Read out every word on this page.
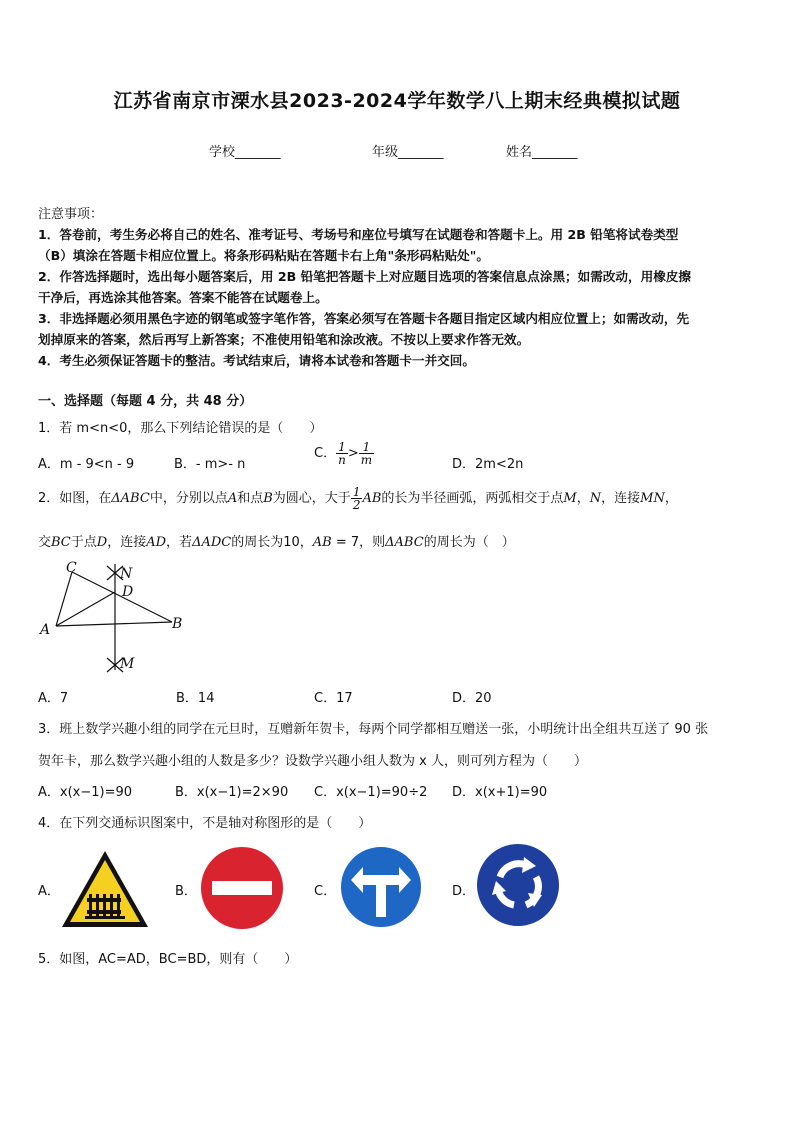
江苏省南京市溧水县2023-2024学年数学八上期末经典模拟试题
学校_______	年级_______	姓名_______
注意事项：
1．答卷前，考生务必将自己的姓名、准考证号、考场号和座位号填写在试题卷和答题卡上。用 2B 铅笔将试卷类型
（B）填涂在答题卡相应位置上。将条形码粘贴在答题卡右上角"条形码粘贴处"。
2．作答选择题时，选出每小题答案后，用 2B 铅笔把答题卡上对应题目选项的答案信息点涂黑；如需改动，用橡皮擦
干净后，再选涂其他答案。答案不能答在试题卷上。
3．非选择题必须用黑色字迹的钢笔或签字笔作答，答案必须写在答题卡各题目指定区域内相应位置上；如需改动，先
划掉原来的答案，然后再写上新答案；不准使用铅笔和涂改液。不按以上要求作答无效。
4．考生必须保证答题卡的整洁。考试结束后，请将本试卷和答题卡一并交回。
一、选择题（每题 4 分，共 48 分）
1．若 m<n<0，那么下列结论错误的是（　　）
A．m - 9<n - 9	B．- m>- n
C． $\frac{1}{n} > \frac{1}{m}$	D．2m<2n
2．如图，在ΔABC中，分别以点A和点B为圆心，大于 $\frac{1}{2}$ AB的长为半径画弧，两弧相交于点M，N，连接MN，
交BC于点D，连接AD，若ΔADC的周长为10，AB = 7，则ΔABC的周长为（　）
C	N
D
A	B
M
A．7	B．14	C．17	D．20
3．班上数学兴趣小组的同学在元旦时，互赠新年贺卡，每两个同学都相互赠送一张，小明统计出全组共互送了 90 张
贺年卡，那么数学兴趣小组的人数是多少？设数学兴趣小组人数为 x 人，则可列方程为（　　）
A．x(x−1)=90	B．x(x−1)=2×90 C．x(x−1)=90÷2 D．x(x+1)=90
4．在下列交通标识图案中，不是轴对称图形的是（　　）
A．	B．	C．	D．
5．如图，AC=AD，BC=BD，则有（　　）
